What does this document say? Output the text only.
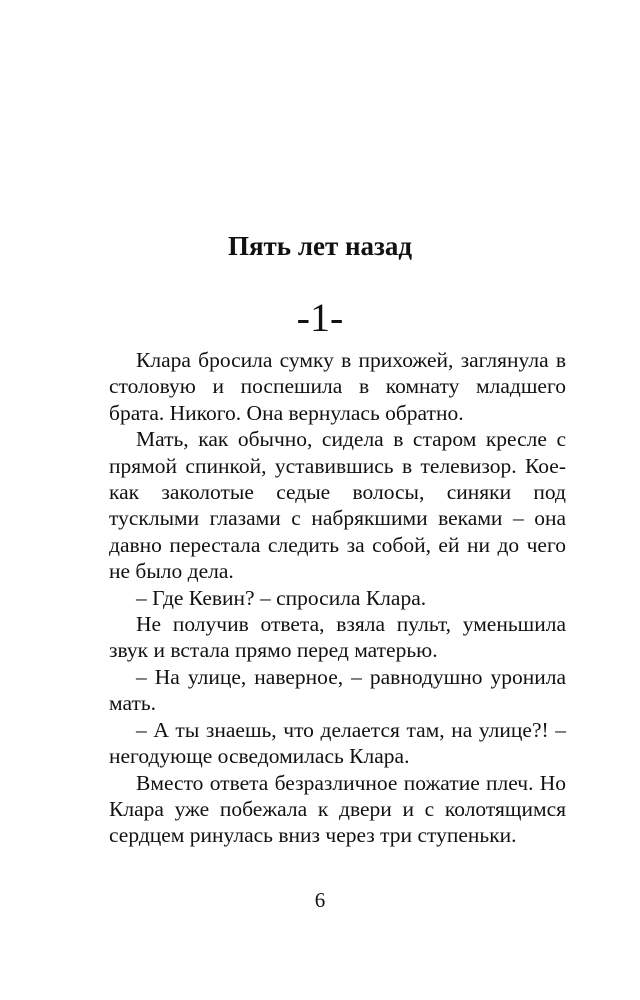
Пять лет назад
-1-

Клара бросила сумку в прихожей, заглянула в столовую и поспешила в комнату младшего брата. Никого. Она вернулась обратно.

Мать, как обычно, сидела в старом кресле с прямой спинкой, уставившись в телевизор. Кое-как заколотые седые волосы, синяки под тусклыми глазами с набрякшими веками – она давно перестала следить за собой, ей ни до чего не было дела.

– Где Кевин? – спросила Клара.

Не получив ответа, взяла пульт, уменьшила звук и встала прямо перед матерью.

– На улице, наверное, – равнодушно уронила мать.

– А ты знаешь, что делается там, на улице?! – негодующе осведомилась Клара.

Вместо ответа безразличное пожатие плеч. Но Клара уже побежала к двери и с колотящимся сердцем ринулась вниз через три ступеньки.

6
